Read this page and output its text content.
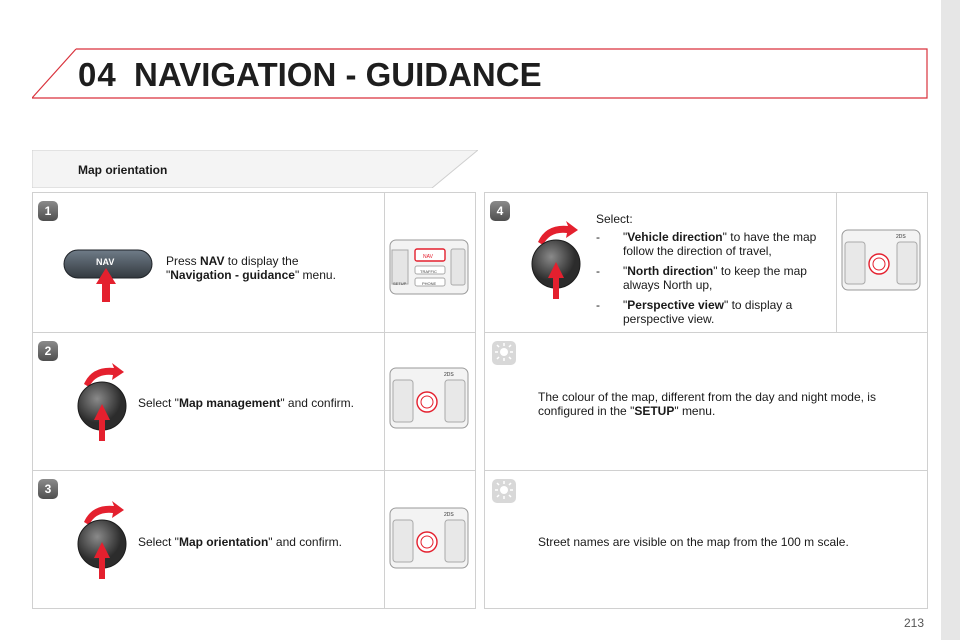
04 NAVIGATION - GUIDANCE
Map orientation
1
2
3
4
NAV	Press NAV to display the
"Navigation - guidance" menu.
NAV
TRAFFIC
PHONE
SETUP
Select "Map management" and confirm.
2DS
Select "Map orientation" and confirm.
2DS
Select:
- "Vehicle direction" to have the map follow the direction of travel,
- "North direction" to keep the map always North up,
- "Perspective view" to display a perspective view.
2DS
The colour of the map, different from the day and night mode, is configured in the "SETUP" menu.
Street names are visible on the map from the 100 m scale.
213
